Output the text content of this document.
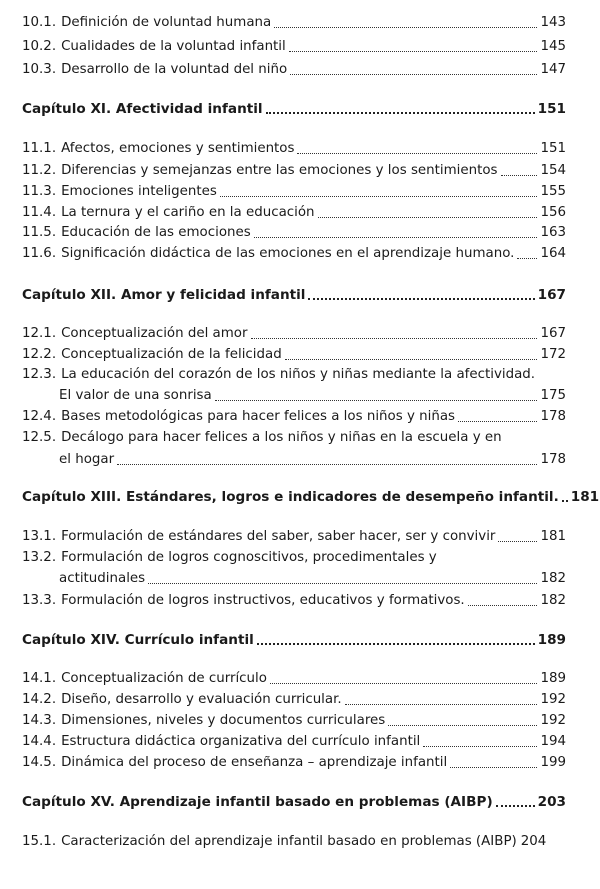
10.1. Definición de voluntad humana	143
10.2. Cualidades de la voluntad infantil	145
10.3. Desarrollo de la voluntad del niño	147
Capítulo XI. Afectividad infantil	151
11.1. Afectos, emociones y sentimientos	151
11.2. Diferencias y semejanzas entre las emociones y los sentimientos	154
11.3. Emociones inteligentes	155
11.4. La ternura y el cariño en la educación	156
11.5. Educación de las emociones	163
11.6. Significación didáctica de las emociones en el aprendizaje humano. 164
Capítulo XII. Amor y felicidad infantil	167
12.1. Conceptualización del amor	167
12.2. Conceptualización de la felicidad	172
12.3. La educación del corazón de los niños y niñas mediante la afectividad.
El valor de una sonrisa	175
12.4. Bases metodológicas para hacer felices a los niños y niñas	178
12.5. Decálogo para hacer felices a los niños y niñas en la escuela y en
el hogar	178
Capítulo XIII. Estándares, logros e indicadores de desempeño infantil. 181
13.1. Formulación de estándares del saber, saber hacer, ser y convivir	181
13.2. Formulación de logros cognoscitivos, procedimentales y
actitudinales	182
13.3. Formulación de logros instructivos, educativos y formativos.	182
Capítulo XIV. Currículo infantil	189
14.1. Conceptualización de currículo	189
14.2. Diseño, desarrollo y evaluación curricular.	192
14.3. Dimensiones, niveles y documentos curriculares	192
14.4. Estructura didáctica organizativa del currículo infantil	194
14.5. Dinámica del proceso de enseñanza – aprendizaje infantil	199
Capítulo XV. Aprendizaje infantil basado en problemas (AIBP)	203
15.1. Caracterización del aprendizaje infantil basado en problemas (AIBP) 204
